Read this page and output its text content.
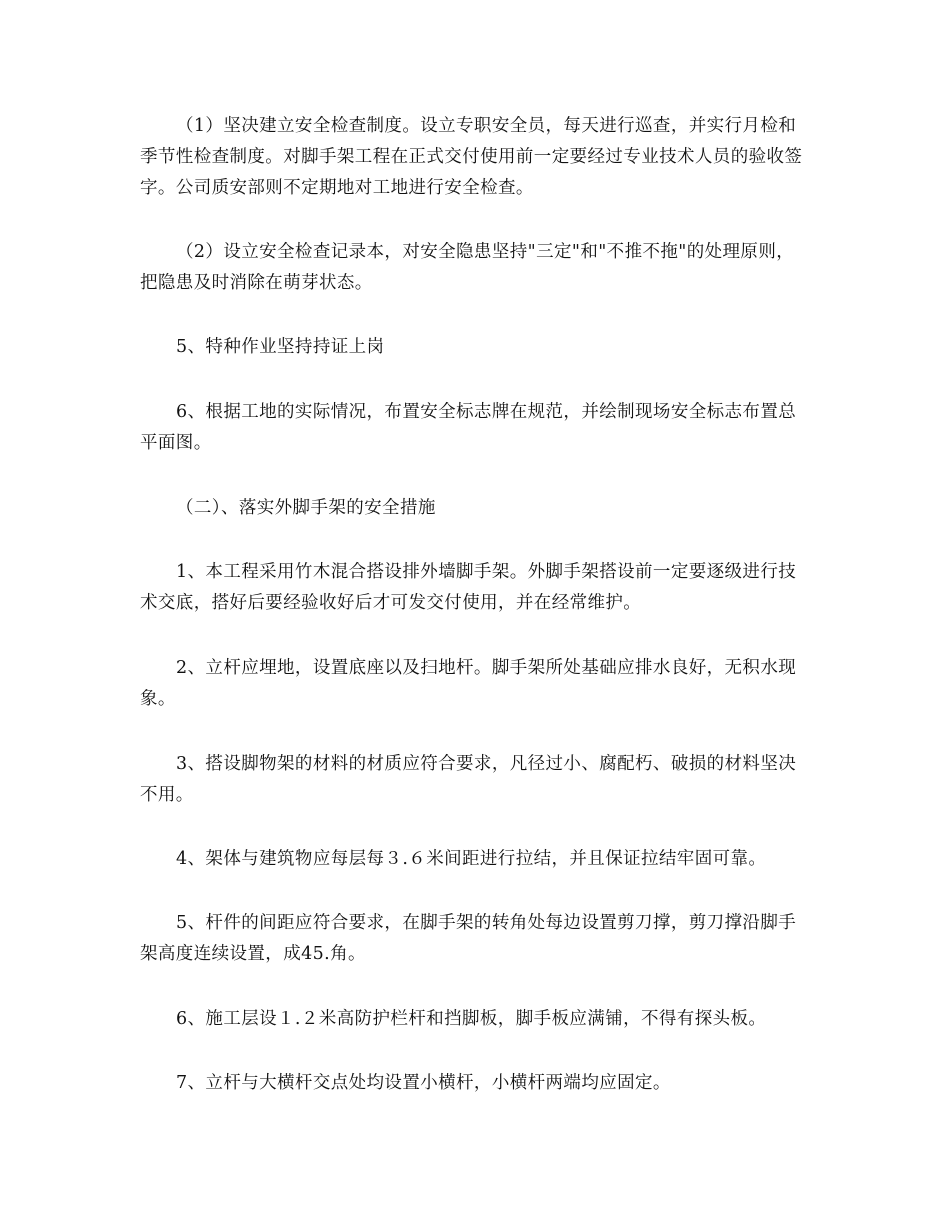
（1）坚决建立安全检查制度。设立专职安全员，每天进行巡查，并实行月检和季节性检查制度。对脚手架工程在正式交付使用前一定要经过专业技术人员的验收签字。公司质安部则不定期地对工地进行安全检查。

（2）设立安全检查记录本，对安全隐患坚持"三定"和"不推不拖"的处理原则，把隐患及时消除在萌芽状态。

5、特种作业坚持持证上岗

6、根据工地的实际情况，布置安全标志牌在规范，并绘制现场安全标志布置总平面图。

（二）、落实外脚手架的安全措施

1、本工程采用竹木混合搭设排外墙脚手架。外脚手架搭设前一定要逐级进行技术交底，搭好后要经验收好后才可发交付使用，并在经常维护。

2、立杆应埋地，设置底座以及扫地杆。脚手架所处基础应排水良好，无积水现象。

3、搭设脚物架的材料的材质应符合要求，凡径过小、腐配朽、破损的材料坚决不用。

4、架体与建筑物应每层每３.６米间距进行拉结，并且保证拉结牢固可靠。

5、杆件的间距应符合要求，在脚手架的转角处每边设置剪刀撑，剪刀撑沿脚手架高度连续设置，成45.角。

6、施工层设１.２米高防护栏杆和挡脚板，脚手板应满铺，不得有探头板。

7、立杆与大横杆交点处均设置小横杆，小横杆两端均应固定。
